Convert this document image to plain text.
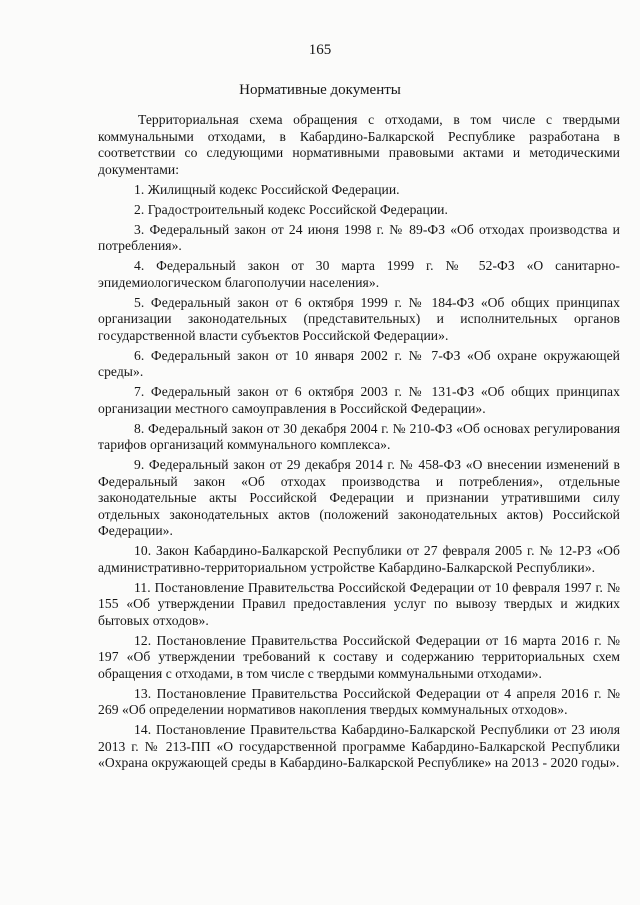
165
Нормативные документы

Территориальная схема обращения с отходами, в том числе с твердыми коммунальными отходами, в Кабардино-Балкарской Республике разработана в соответствии со следующими нормативными правовыми актами и методическими документами:

1. Жилищный кодекс Российской Федерации.
2. Градостроительный кодекс Российской Федерации.
3. Федеральный закон от 24 июня 1998 г. № 89-ФЗ «Об отходах производства и потребления».
4. Федеральный закон от 30 марта 1999 г. № 52-ФЗ «О санитарно-эпидемиологическом благополучии населения».
5. Федеральный закон от 6 октября 1999 г. № 184-ФЗ «Об общих принципах организации законодательных (представительных) и исполнительных органов государственной власти субъектов Российской Федерации».
6. Федеральный закон от 10 января 2002 г. № 7-ФЗ «Об охране окружающей среды».
7. Федеральный закон от 6 октября 2003 г. № 131-ФЗ «Об общих принципах организации местного самоуправления в Российской Федерации».
8. Федеральный закон от 30 декабря 2004 г. № 210-ФЗ «Об основах регулирования тарифов организаций коммунального комплекса».
9. Федеральный закон от 29 декабря 2014 г. № 458-ФЗ «О внесении изменений в Федеральный закон «Об отходах производства и потребления», отдельные законодательные акты Российской Федерации и признании утратившими силу отдельных законодательных актов (положений законодательных актов) Российской Федерации».
10. Закон Кабардино-Балкарской Республики от 27 февраля 2005 г. № 12-РЗ «Об административно-территориальном устройстве Кабардино-Балкарской Республики».
11. Постановление Правительства Российской Федерации от 10 февраля 1997 г. № 155 «Об утверждении Правил предоставления услуг по вывозу твердых и жидких бытовых отходов».
12. Постановление Правительства Российской Федерации от 16 марта 2016 г. № 197 «Об утверждении требований к составу и содержанию территориальных схем обращения с отходами, в том числе с твердыми коммунальными отходами».
13. Постановление Правительства Российской Федерации от 4 апреля 2016 г. № 269 «Об определении нормативов накопления твердых коммунальных отходов».
14. Постановление Правительства Кабардино-Балкарской Республики от 23 июля 2013 г. № 213-ПП «О государственной программе Кабардино-Балкарской Республики «Охрана окружающей среды в Кабардино-Балкарской Республике» на 2013 - 2020 годы».
